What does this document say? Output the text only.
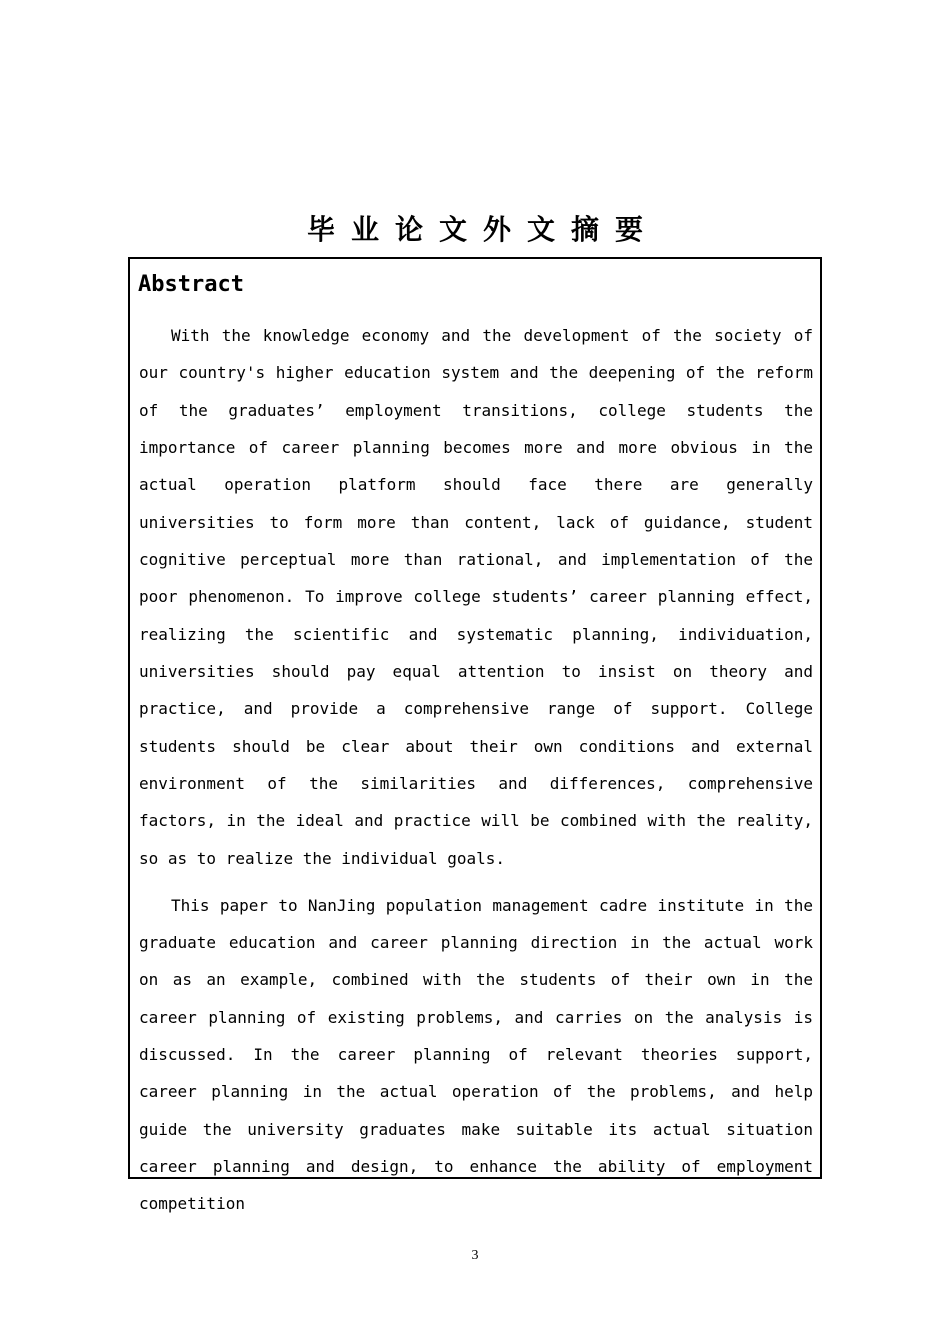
毕业论文外文摘要
Abstract

With the knowledge economy and the development of the society of our country's higher education system and the deepening of the reform of the graduates’ employment transitions, college students the importance of career planning becomes more and more obvious in the actual operation platform should face there are generally universities to form more than content, lack of guidance, student cognitive perceptual more than rational, and implementation of the poor phenomenon. To improve college students’ career planning effect, realizing the scientific and systematic planning, individuation, universities should pay equal attention to insist on theory and practice, and provide a comprehensive range of support. College students should be clear about their own conditions and external environment of the similarities and differences, comprehensive factors, in the ideal and practice will be combined with the reality, so as to realize the individual goals.

This paper to NanJing population management cadre institute in the graduate education and career planning direction in the actual work on as an example, combined with the students of their own in the career planning of existing problems, and carries on the analysis is discussed. In the career planning of relevant theories support, career planning in the actual operation of the problems, and help guide the university graduates make suitable its actual situation career planning and design, to enhance the ability of employment competition

3
